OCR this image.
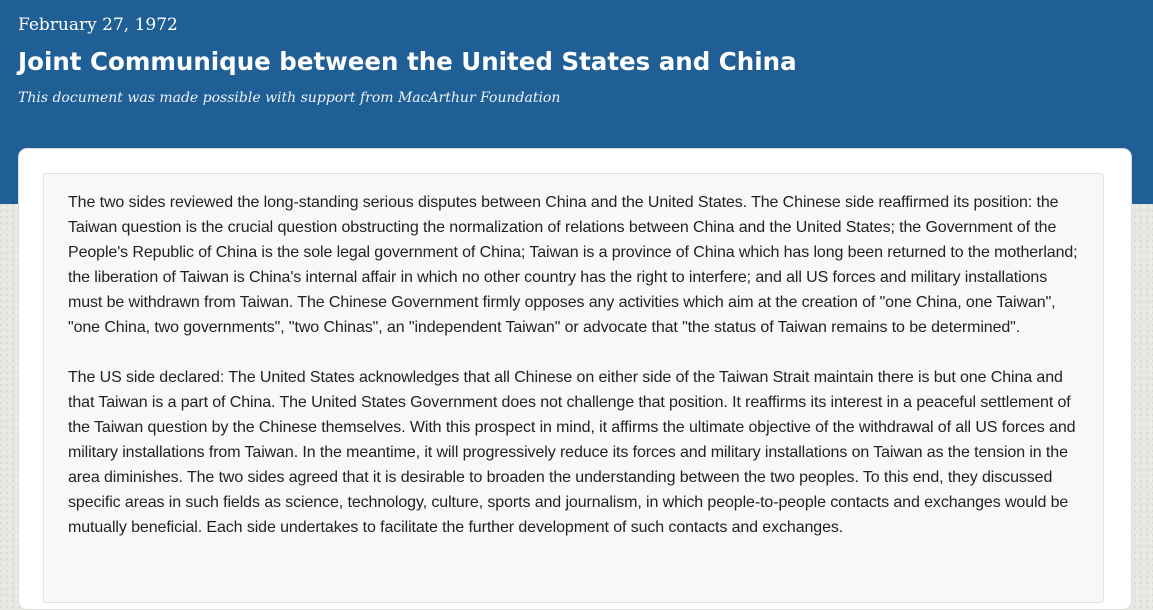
February 27, 1972

Joint Communique between the United States and China

This document was made possible with support from MacArthur Foundation

The two sides reviewed the long-standing serious disputes between China and the United States. The Chinese side reaffirmed its position: the Taiwan question is the crucial question obstructing the normalization of relations between China and the United States; the Government of the People's Republic of China is the sole legal government of China; Taiwan is a province of China which has long been returned to the motherland; the liberation of Taiwan is China's internal affair in which no other country has the right to interfere; and all US forces and military installations must be withdrawn from Taiwan. The Chinese Government firmly opposes any activities which aim at the creation of "one China, one Taiwan", "one China, two governments", "two Chinas", an "independent Taiwan" or advocate that "the status of Taiwan remains to be determined".

The US side declared: The United States acknowledges that all Chinese on either side of the Taiwan Strait maintain there is but one China and that Taiwan is a part of China. The United States Government does not challenge that position. It reaffirms its interest in a peaceful settlement of the Taiwan question by the Chinese themselves. With this prospect in mind, it affirms the ultimate objective of the withdrawal of all US forces and military installations from Taiwan. In the meantime, it will progressively reduce its forces and military installations on Taiwan as the tension in the area diminishes. The two sides agreed that it is desirable to broaden the understanding between the two peoples. To this end, they discussed specific areas in such fields as science, technology, culture, sports and journalism, in which people-to-people contacts and exchanges would be mutually beneficial. Each side undertakes to facilitate the further development of such contacts and exchanges.
